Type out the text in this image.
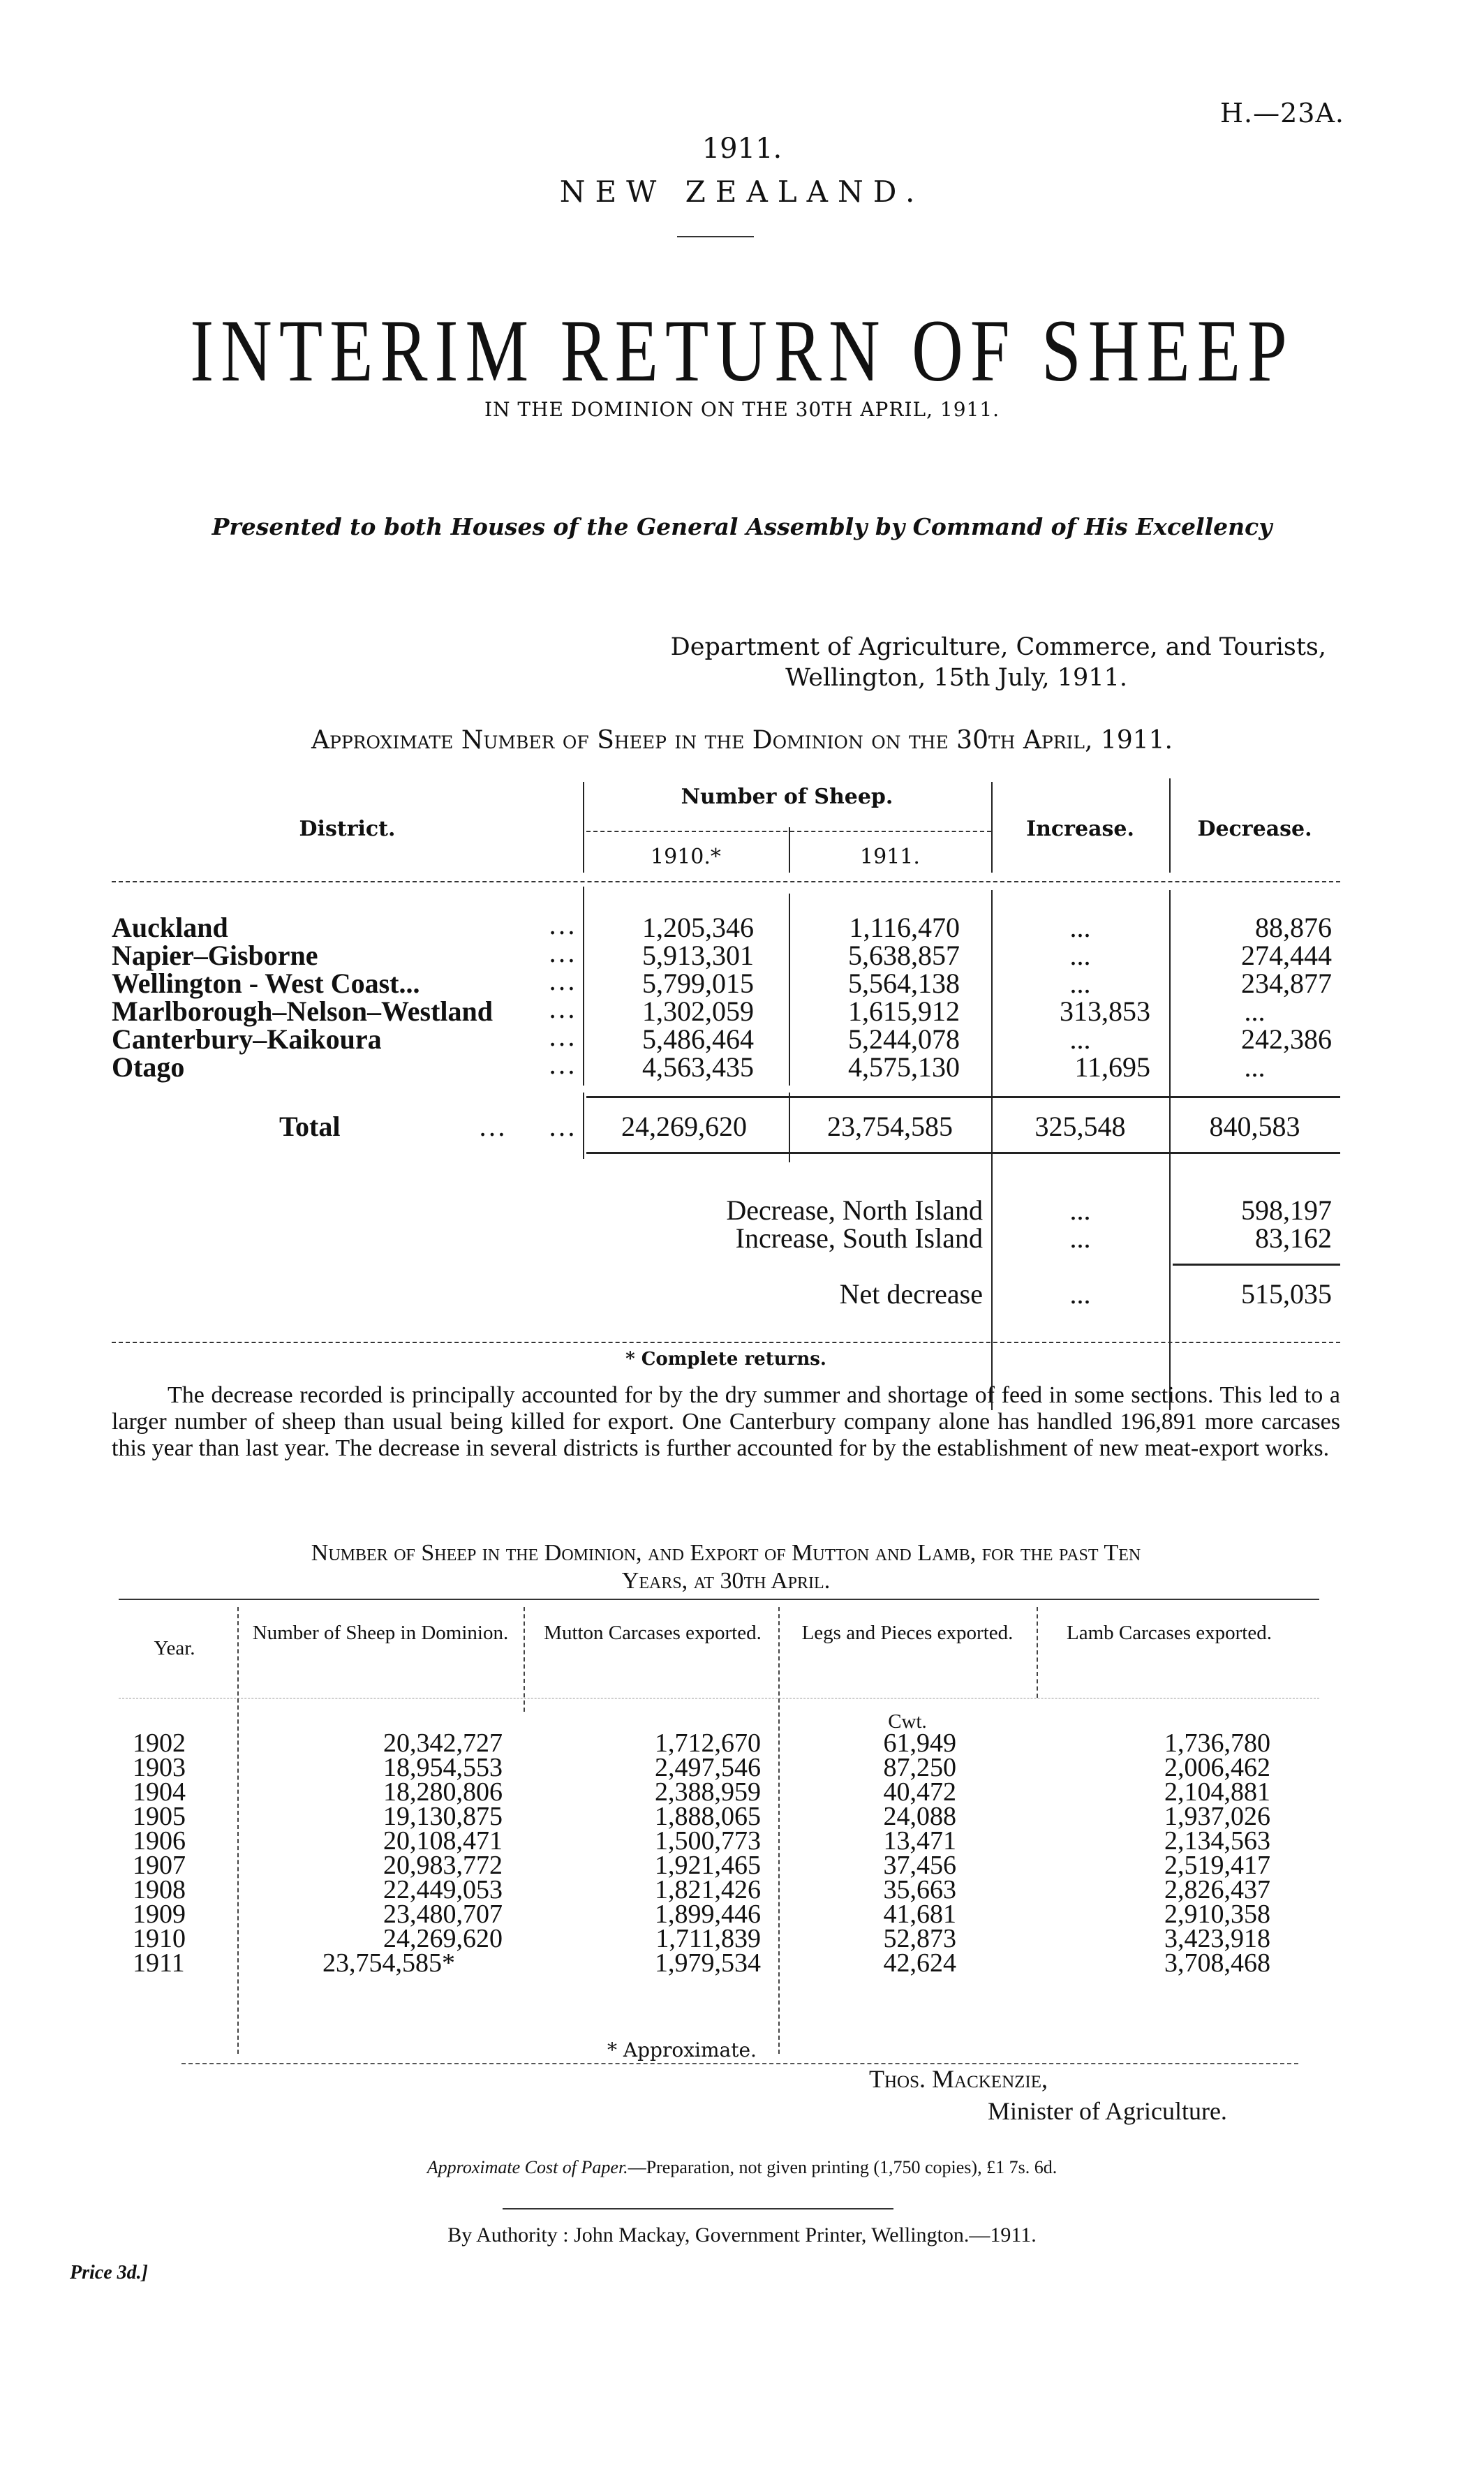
H.—23A.
1911.
NEW ZEALAND.
INTERIM RETURN OF SHEEP
IN THE DOMINION ON THE 30TH APRIL, 1911.
Presented to both Houses of the General Assembly by Command of His Excellency
Department of Agriculture, Commerce, and Tourists,
Wellington, 15th July, 1911.
Approximate Number of Sheep in the Dominion on the 30th April, 1911.
District.
Number of Sheep.
1910.*	1911.
Increase.	Decrease.
Auckland	1,205,346	1,116,470	...	88,876
Napier–Gisborne	5,913,301	5,638,857	...	274,444
Wellington - West Coast...	5,799,015	5,564,138	...	234,877
Marlborough–Nelson–Westland	1,302,059	1,615,912	313,853	...
Canterbury–Kaikoura	5,486,464	5,244,078	...	242,386
Otago	4,563,435	4,575,130	11,695	...
…
…
…
…
…
…
Total	…      …	24,269,620	23,754,585	325,548	840,583
Decrease, North Island	...	598,197
Increase, South Island	...	83,162
Net decrease	...	515,035
* Complete returns.
The decrease recorded is principally accounted for by the dry summer and shortage of feed in some sections. This led to a larger number of sheep than usual being killed for export. One Canterbury company alone has handled 196,891 more carcases this year than last year. The decrease in several districts is further accounted for by the establishment of new meat-export works.
Number of Sheep in the Dominion, and Export of Mutton and Lamb, for the past Ten
Years, at 30th April.
Year.
Number of Sheep in Dominion.	Mutton Carcases exported.	Legs and Pieces exported.	Lamb Carcases exported.
Cwt.
1902	20,342,727	1,712,670	61,949	1,736,780
1903	18,954,553	2,497,546	87,250	2,006,462
1904	18,280,806	2,388,959	40,472	2,104,881
1905	19,130,875	1,888,065	24,088	1,937,026
1906	20,108,471	1,500,773	13,471	2,134,563
1907	20,983,772	1,921,465	37,456	2,519,417
1908	22,449,053	1,821,426	35,663	2,826,437
1909	23,480,707	1,899,446	41,681	2,910,358
1910	24,269,620	1,711,839	52,873	3,423,918
1911	23,754,585*	1,979,534	42,624	3,708,468
* Approximate.
Thos. Mackenzie,
Minister of Agriculture.
Approximate Cost of Paper.—Preparation, not given printing (1,750 copies), £1 7s. 6d.
By Authority : John Mackay, Government Printer, Wellington.—1911.
Price 3d.]
